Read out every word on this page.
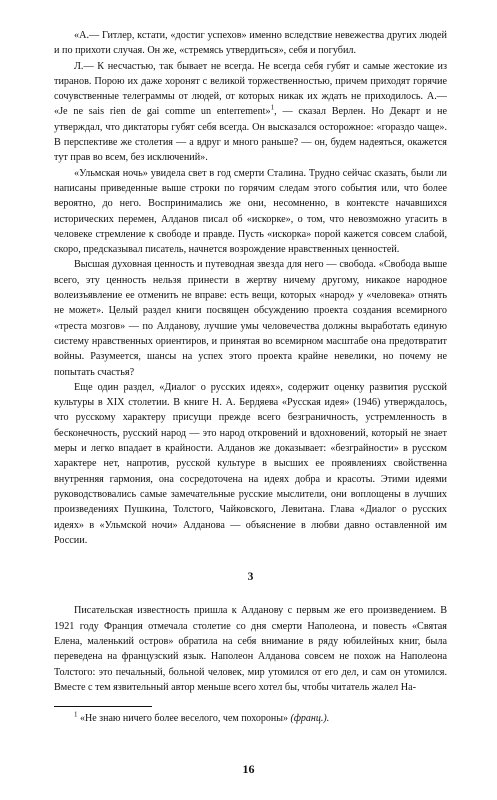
«А.— Гитлер, кстати, «достиг успехов» именно вследствие невежества других людей и по прихоти случая. Он же, «стремясь утвердиться», себя и погубил.

Л.— К несчастью, так бывает не всегда. Не всегда себя губят и самые жестокие из тиранов. Порою их даже хоронят с великой торжественностью, причем приходят горячие сочувственные телеграммы от людей, от которых никак их ждать не приходилось. А.— «Je ne sais rien de gai comme un enterrement»$^1$, — сказал Верлен. Но Декарт и не утверждал, что диктаторы губят себя всегда. Он высказался осторожное: «гораздо чаще». В перспективе же столетия — а вдруг и много раньше? — он, будем надеяться, окажется тут прав во всем, без исключений».

«Ульмская ночь» увидела свет в год смерти Сталина. Трудно сейчас сказать, были ли написаны приведенные выше строки по горячим следам этого события или, что более вероятно, до него. Воспринимались же они, несомненно, в контексте начавшихся исторических перемен, Алданов писал об «искорке», о том, что невозможно угасить в человеке стремление к свободе и правде. Пусть «искорка» порой кажется совсем слабой, скоро, предсказывал писатель, начнется возрождение нравственных ценностей.

Высшая духовная ценность и путеводная звезда для него — свобода. «Свобода выше всего, эту ценность нельзя принести в жертву ничему другому, никакое народное волеизъявление ее отменить не вправе: есть вещи, которых «народ» у «человека» отнять не может». Целый раздел книги посвящен обсуждению проекта создания всемирного «треста мозгов» — по Алданову, лучшие умы человечества должны выработать единую систему нравственных ориентиров, и принятая во всемирном масштабе она предотвратит войны. Разумеется, шансы на успех этого проекта крайне невелики, но почему не попытать счастья?

Еще один раздел, «Диалог о русских идеях», содержит оценку развития русской культуры в XIX столетии. В книге Н. А. Бердяева «Русская идея» (1946) утверждалось, что русскому характеру присущи прежде всего безграничность, устремленность в бесконечность, русский народ — это народ откровений и вдохновений, который не знает меры и легко впадает в крайности. Алданов же доказывает: «безграйности» в русском характере нет, напротив, русской культуре в высших ее проявлениях свойственна внутренняя гармония, она сосредоточена на идеях добра и красоты. Этими идеями руководствовались самые замечательные русские мыслители, они воплощены в лучших произведениях Пушкина, Толстого, Чайковского, Левитана. Глава «Диалог о русских идеях» в «Ульмской ночи» Алданова — объяснение в любви давно оставленной им России.

3

Писательская известность пришла к Алданову с первым же его произведением. В 1921 году Франция отмечала столетие со дня смерти Наполеона, и повесть «Святая Елена, маленький остров» обратила на себя внимание в ряду юбилейных книг, была переведена на французский язык. Наполеон Алданова совсем не похож на Наполеона Толстого: это печальный, больной человек, мир утомился от его дел, и сам он утомился. Вместе с тем язвительный автор меньше всего хотел бы, чтобы читатель жалел На-

$^1$ «Не знаю ничего более веселого, чем похороны» (франц.).
16
